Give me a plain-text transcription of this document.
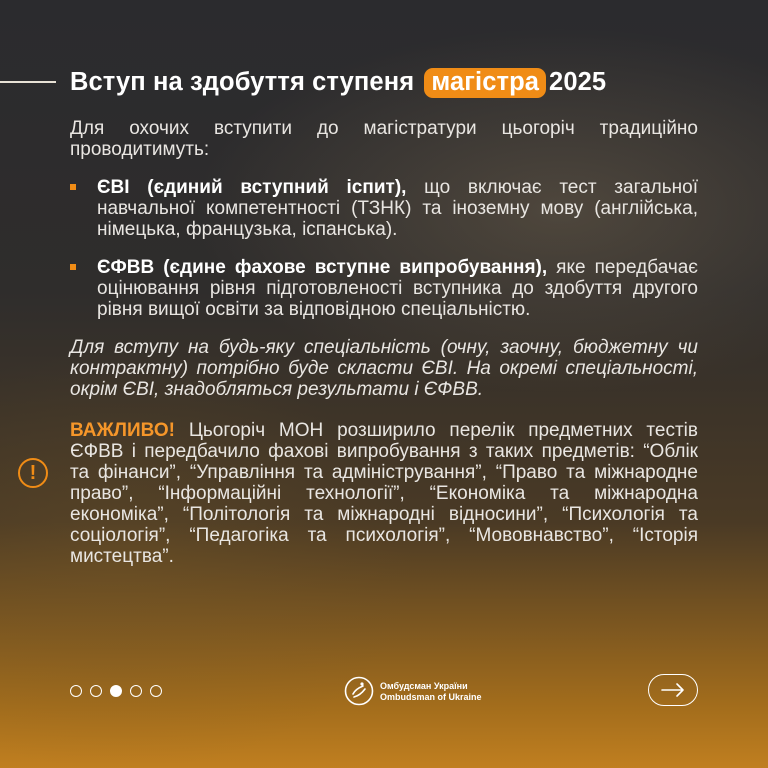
Вступ на здобуття ступеня магістра 2025
!

Для охочих вступити до магістратури цьогоріч традиційно проводитимуть:

ЄВІ (єдиний вступний іспит), що включає тест загальної навчальної компетентності (ТЗНК) та іноземну мову (англійська, німецька, французька, іспанська).

ЄФВВ (єдине фахове вступне випробування), яке передбачає оцінювання рівня підготовленості вступника до здобуття другого рівня вищої освіти за відповідною спеціальністю.

Для вступу на будь-яку спеціальність (очну, заочну, бюджетну чи контрактну) потрібно буде скласти ЄВІ. На окремі спеціальності, окрім ЄВІ, знадобляться результати і ЄФВВ.

ВАЖЛИВО! Цьогоріч МОН розширило перелік предметних тестів ЄФВВ і передбачило фахові випробування з таких предметів: “Облік та фінанси”, “Управління та адміністрування”, “Право та міжнародне право”, “Інформаційні технології”, “Економіка та міжнародна економіка”, “Політологія та міжнародні відносини”, “Психологія та соціологія”, “Педагогіка та психологія”, “Мововнавство”, “Історія мистецтва”.

Омбудсман України
Ombudsman of Ukraine
